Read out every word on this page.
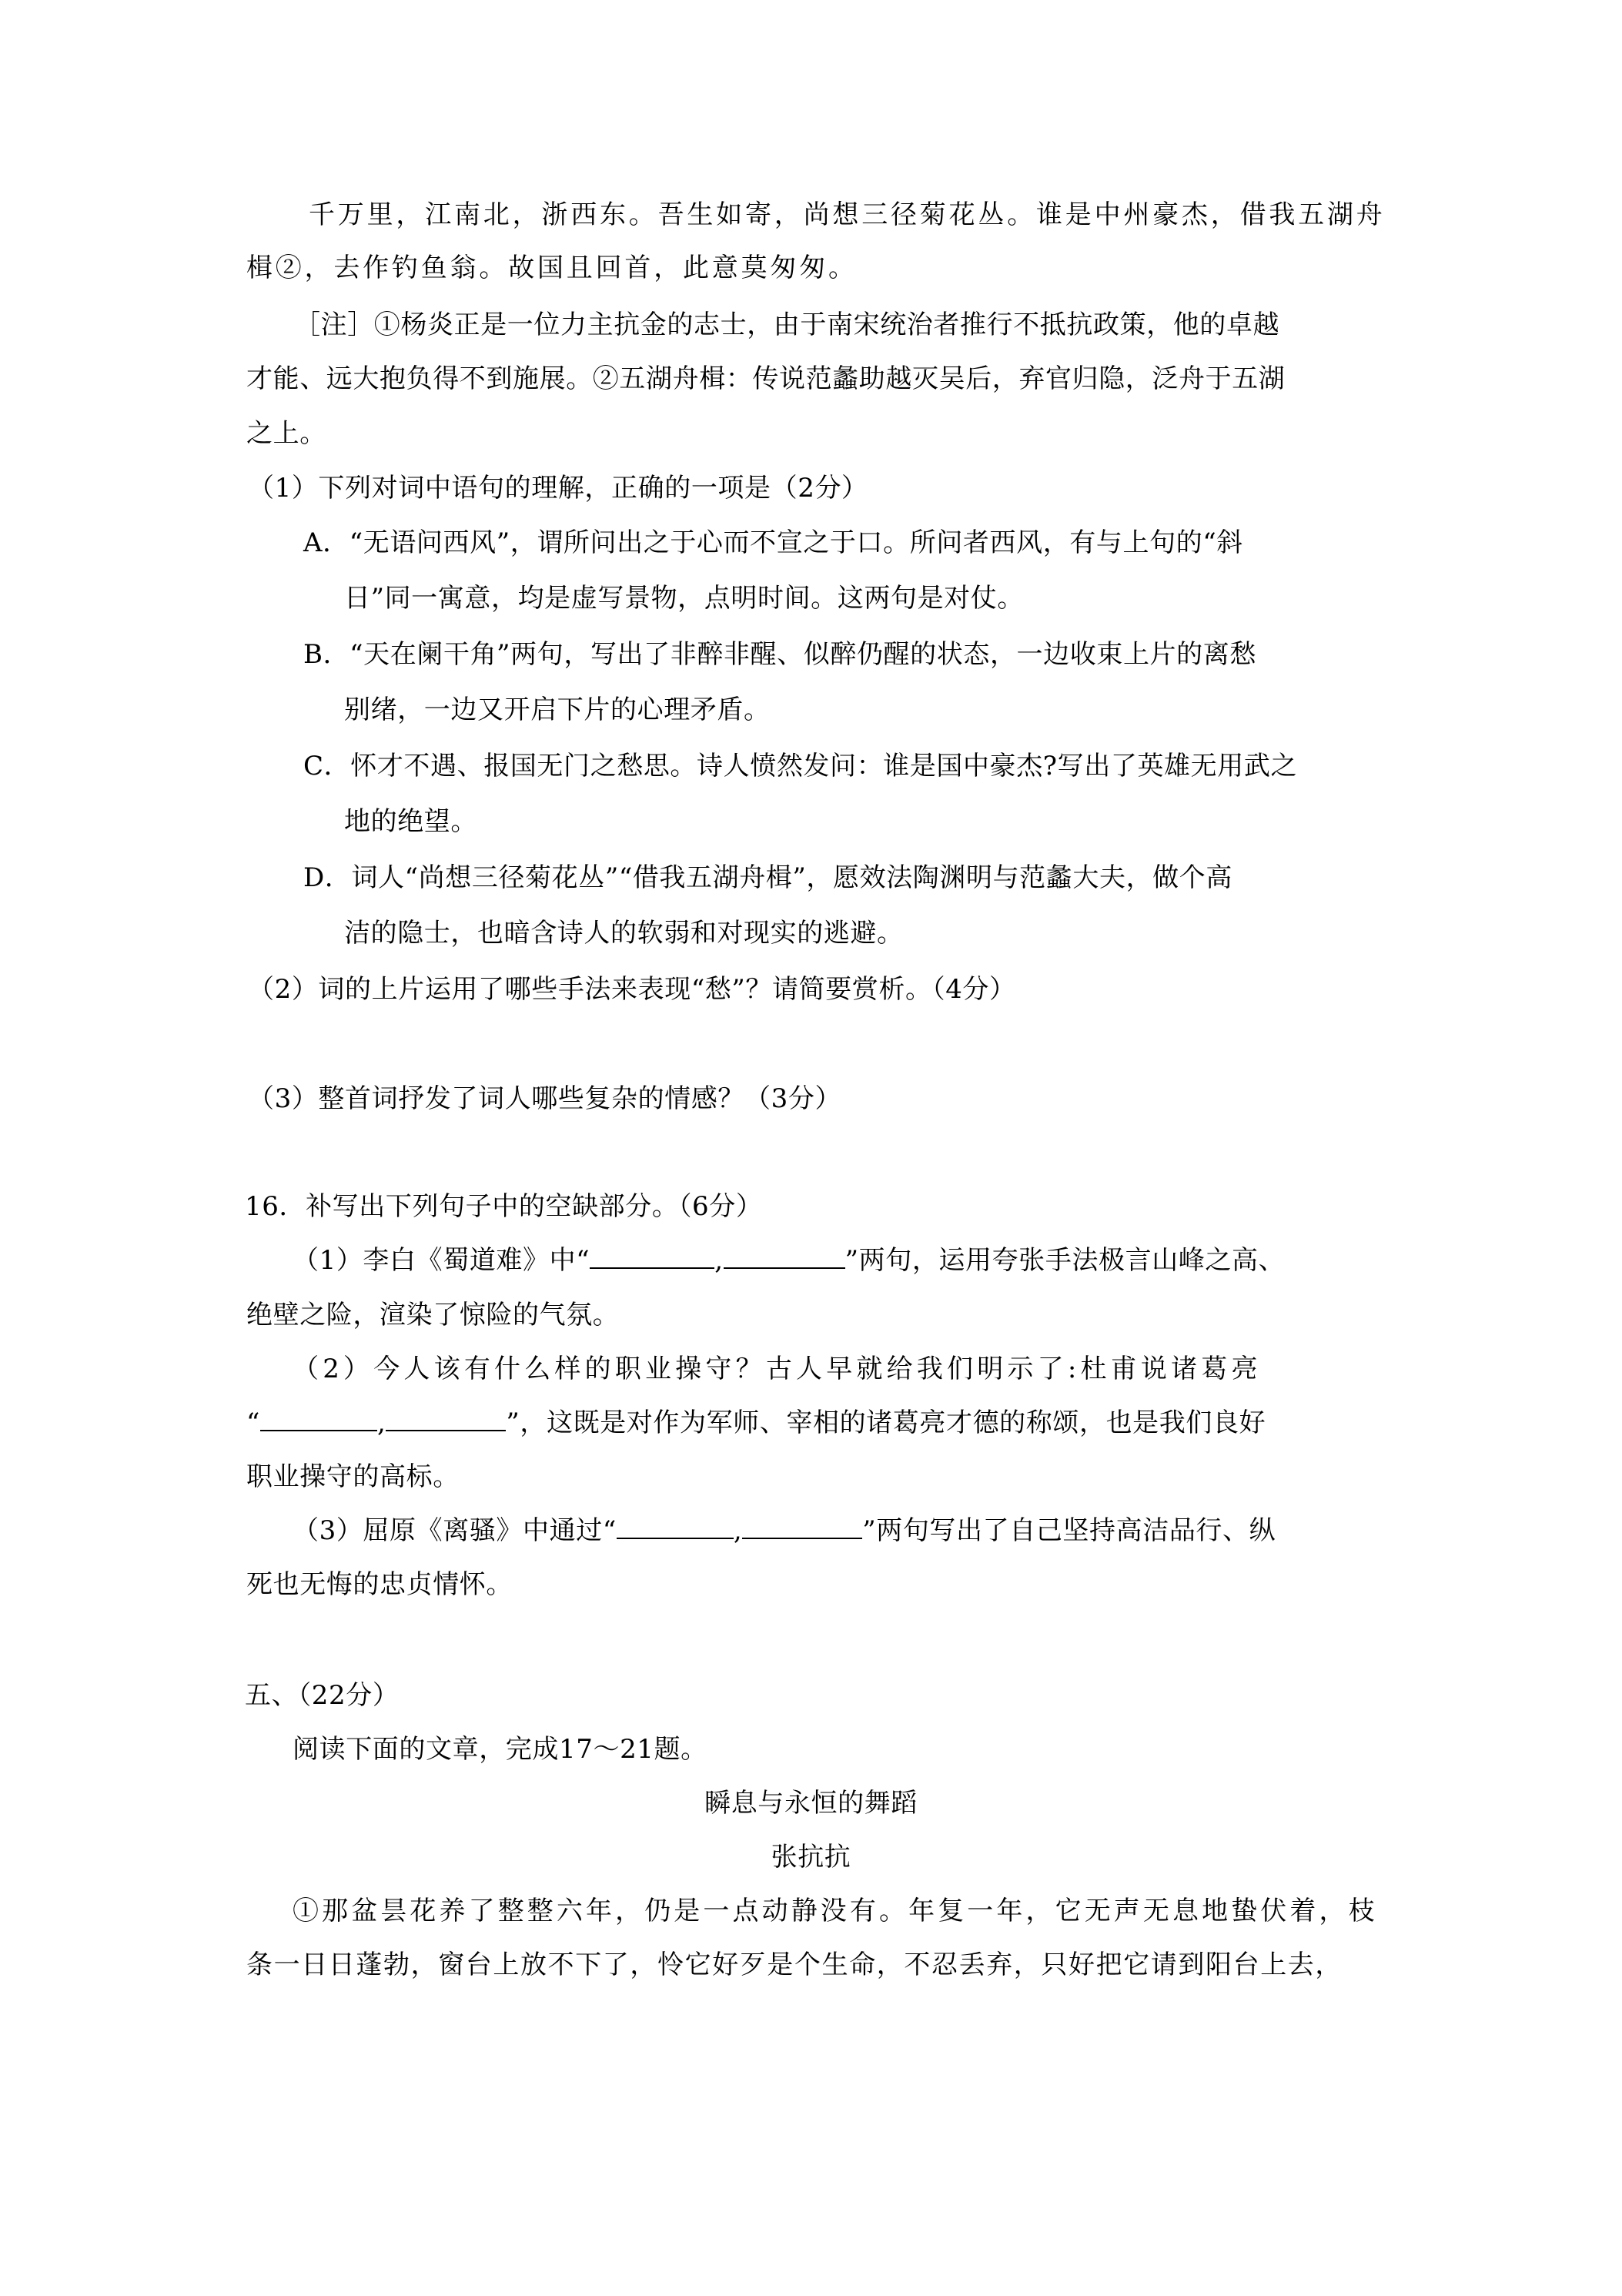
千万里，江南北，浙西东。吾生如寄，尚想三径菊花丛。谁是中州豪杰，借我五湖舟
楫②，去作钓鱼翁。故国且回首，此意莫匆匆。
［注］①杨炎正是一位力主抗金的志士，由于南宋统治者推行不抵抗政策，他的卓越
才能、远大抱负得不到施展。②五湖舟楫：传说范蠡助越灭吴后，弃官归隐，泛舟于五湖
之上。
（1）下列对词中语句的理解，正确的一项是（2分）
A．“无语问西风”，谓所问出之于心而不宣之于口。所问者西风，有与上句的“斜
日”同一寓意，均是虚写景物，点明时间。这两句是对仗。
B．“天在阑干角”两句，写出了非醉非醒、似醉仍醒的状态，一边收束上片的离愁
别绪，一边又开启下片的心理矛盾。
C．怀才不遇、报国无门之愁思。诗人愤然发问：谁是国中豪杰?写出了英雄无用武之
地的绝望。
D．词人“尚想三径菊花丛”“借我五湖舟楫”，愿效法陶渊明与范蠡大夫，做个高
洁的隐士，也暗含诗人的软弱和对现实的逃避。
（2）词的上片运用了哪些手法来表现“愁”？请简要赏析。（4分）
（3）整首词抒发了词人哪些复杂的情感？（3分）
16．补写出下列句子中的空缺部分。（6分）
（1）李白《蜀道难》中“	,	”两句，运用夸张手法极言山峰之高、
绝壁之险，渲染了惊险的气氛。
（2）今人该有什么样的职业操守？古人早就给我们明示了:杜甫说诸葛亮
“	,	”，这既是对作为军师、宰相的诸葛亮才德的称颂，也是我们良好
职业操守的高标。
（3）屈原《离骚》中通过“	,	”两句写出了自己坚持高洁品行、纵
死也无悔的忠贞情怀。
五、（22分）
阅读下面的文章，完成17～21题。
瞬息与永恒的舞蹈
张抗抗
①那盆昙花养了整整六年，仍是一点动静没有。年复一年，它无声无息地蛰伏着，枝
条一日日蓬勃，窗台上放不下了，怜它好歹是个生命，不忍丢弃，只好把它请到阳台上去，
